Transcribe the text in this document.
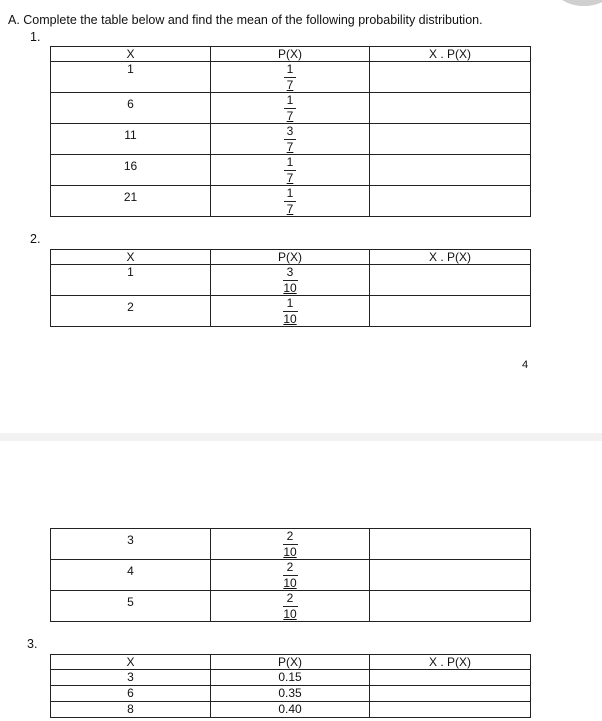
A. Complete the table below and find the mean of the following probability distribution.
1.
X	P(X)	X . P(X)
1	$\frac{1}{7}$

6	$\frac{1}{7}$

11	$\frac{3}{7}$

16	$\frac{1}{7}$

21	$\frac{1}{7}$

2.
X	P(X)	X . P(X)
1	$\frac{3}{10}$

2	$\frac{1}{10}$

4
3	$\frac{2}{10}$

4	$\frac{2}{10}$

5	$\frac{2}{10}$

3.
X	P(X)	X . P(X)
3	0.15	
6	0.35	
8	0.40	
